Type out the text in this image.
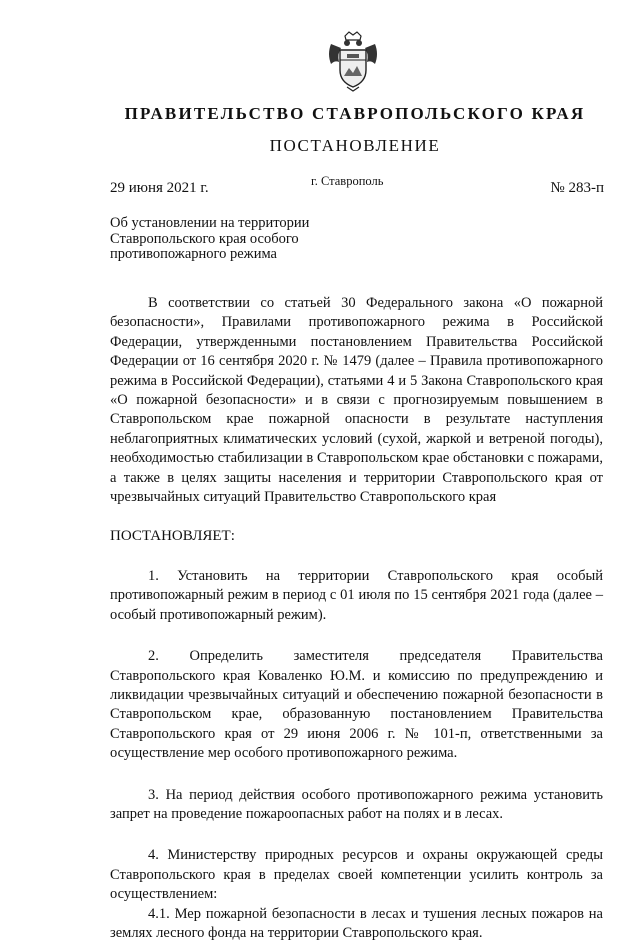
ПРАВИТЕЛЬСТВО СТАВРОПОЛЬСКОГО КРАЯ
ПОСТАНОВЛЕНИЕ
29 июня 2021 г.	г. Ставрополь	№ 283-п
Об установлении на территории Ставропольского края особого противопожарного режима

В соответствии со статьей 30 Федерального закона «О пожарной безопасности», Правилами противопожарного режима в Российской Федерации, утвержденными постановлением Правительства Российской Федерации от 16 сентября 2020 г. № 1479 (далее – Правила противопожарного режима в Российской Федерации), статьями 4 и 5 Закона Ставропольского края «О пожарной безопасности» и в связи с прогнозируемым повышением в Ставропольском крае пожарной опасности в результате наступления неблагоприятных климатических условий (сухой, жаркой и ветреной погоды), необходимостью стабилизации в Ставропольском крае обстановки с пожарами, а также в целях защиты населения и территории Ставропольского края от чрезвычайных ситуаций Правительство Ставропольского края

ПОСТАНОВЛЯЕТ:

1. Установить на территории Ставропольского края особый противопожарный режим в период с 01 июля по 15 сентября 2021 года (далее – особый противопожарный режим).

2. Определить заместителя председателя Правительства Ставропольского края Коваленко Ю.М. и комиссию по предупреждению и ликвидации чрезвычайных ситуаций и обеспечению пожарной безопасности в Ставропольском крае, образованную постановлением Правительства Ставропольского края от 29 июня 2006 г. № 101-п, ответственными за осуществление мер особого противопожарного режима.

3. На период действия особого противопожарного режима установить запрет на проведение пожароопасных работ на полях и в лесах.

4. Министерству природных ресурсов и охраны окружающей среды Ставропольского края в пределах своей компетенции усилить контроль за осуществлением:

4.1. Мер пожарной безопасности в лесах и тушения лесных пожаров на землях лесного фонда на территории Ставропольского края.
